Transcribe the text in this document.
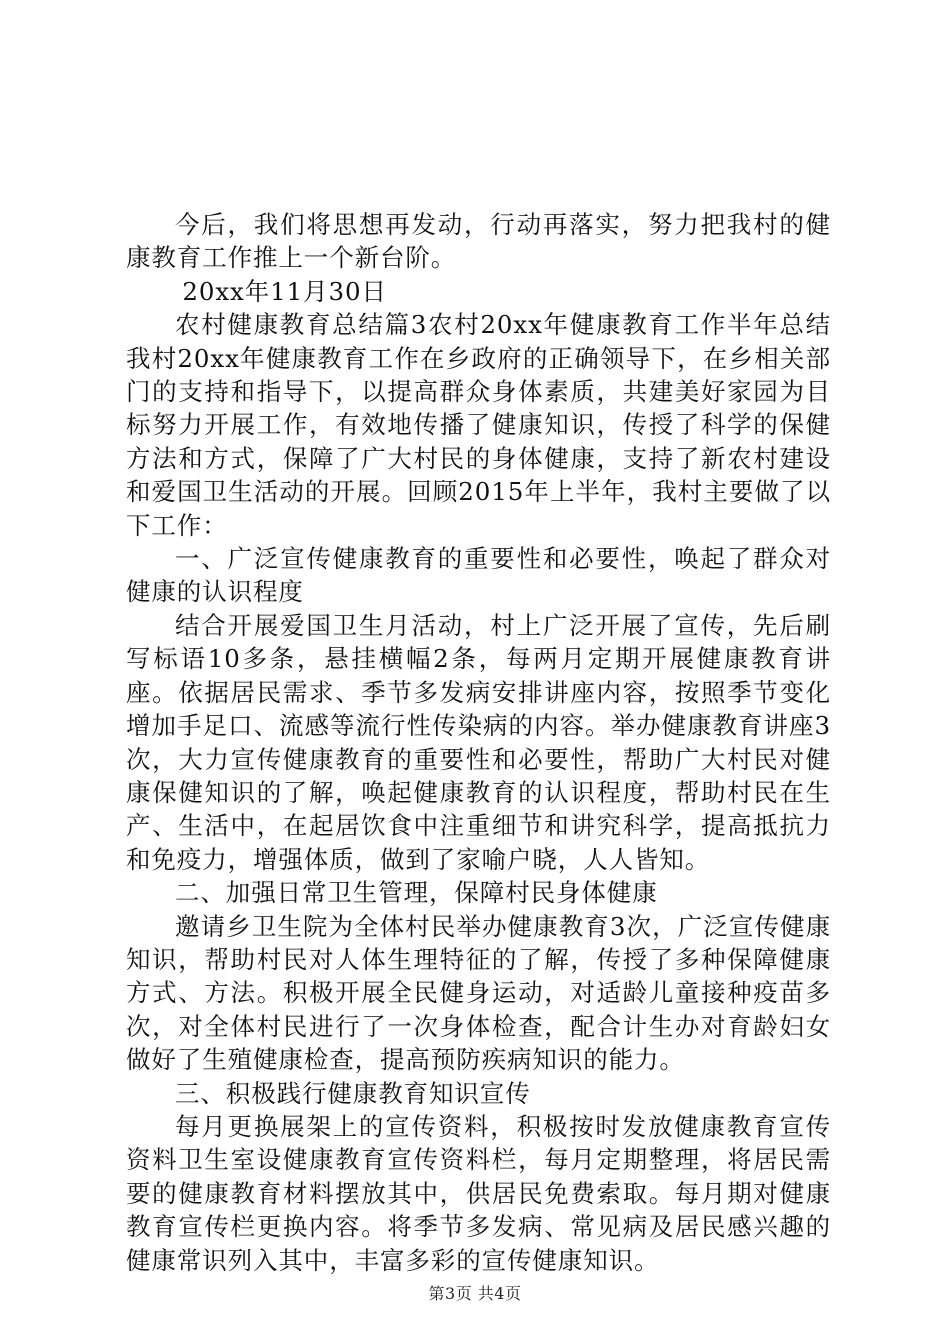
今后，我们将思想再发动，行动再落实，努力把我村的健康教育工作推上一个新台阶。

20xx年11月30日

农村健康教育总结篇3农村20xx年健康教育工作半年总结我村20xx年健康教育工作在乡政府的正确领导下，在乡相关部门的支持和指导下，以提高群众身体素质，共建美好家园为目标努力开展工作，有效地传播了健康知识，传授了科学的保健方法和方式，保障了广大村民的身体健康，支持了新农村建设和爱国卫生活动的开展。回顾2015年上半年，我村主要做了以下工作：

一、广泛宣传健康教育的重要性和必要性，唤起了群众对健康的认识程度

结合开展爱国卫生月活动，村上广泛开展了宣传，先后刷写标语10多条，悬挂横幅2条，每两月定期开展健康教育讲座。依据居民需求、季节多发病安排讲座内容，按照季节变化增加手足口、流感等流行性传染病的内容。举办健康教育讲座3次，大力宣传健康教育的重要性和必要性，帮助广大村民对健康保健知识的了解，唤起健康教育的认识程度，帮助村民在生产、生活中，在起居饮食中注重细节和讲究科学，提高抵抗力和免疫力，增强体质，做到了家喻户晓，人人皆知。

二、加强日常卫生管理，保障村民身体健康

邀请乡卫生院为全体村民举办健康教育3次，广泛宣传健康知识，帮助村民对人体生理特征的了解，传授了多种保障健康方式、方法。积极开展全民健身运动，对适龄儿童接种疫苗多次，对全体村民进行了一次身体检查，配合计生办对育龄妇女做好了生殖健康检查，提高预防疾病知识的能力。

三、积极践行健康教育知识宣传

每月更换展架上的宣传资料，积极按时发放健康教育宣传资料卫生室设健康教育宣传资料栏，每月定期整理，将居民需要的健康教育材料摆放其中，供居民免费索取。每月期对健康教育宣传栏更换内容。将季节多发病、常见病及居民感兴趣的健康常识列入其中，丰富多彩的宣传健康知识。

第3页 共4页
